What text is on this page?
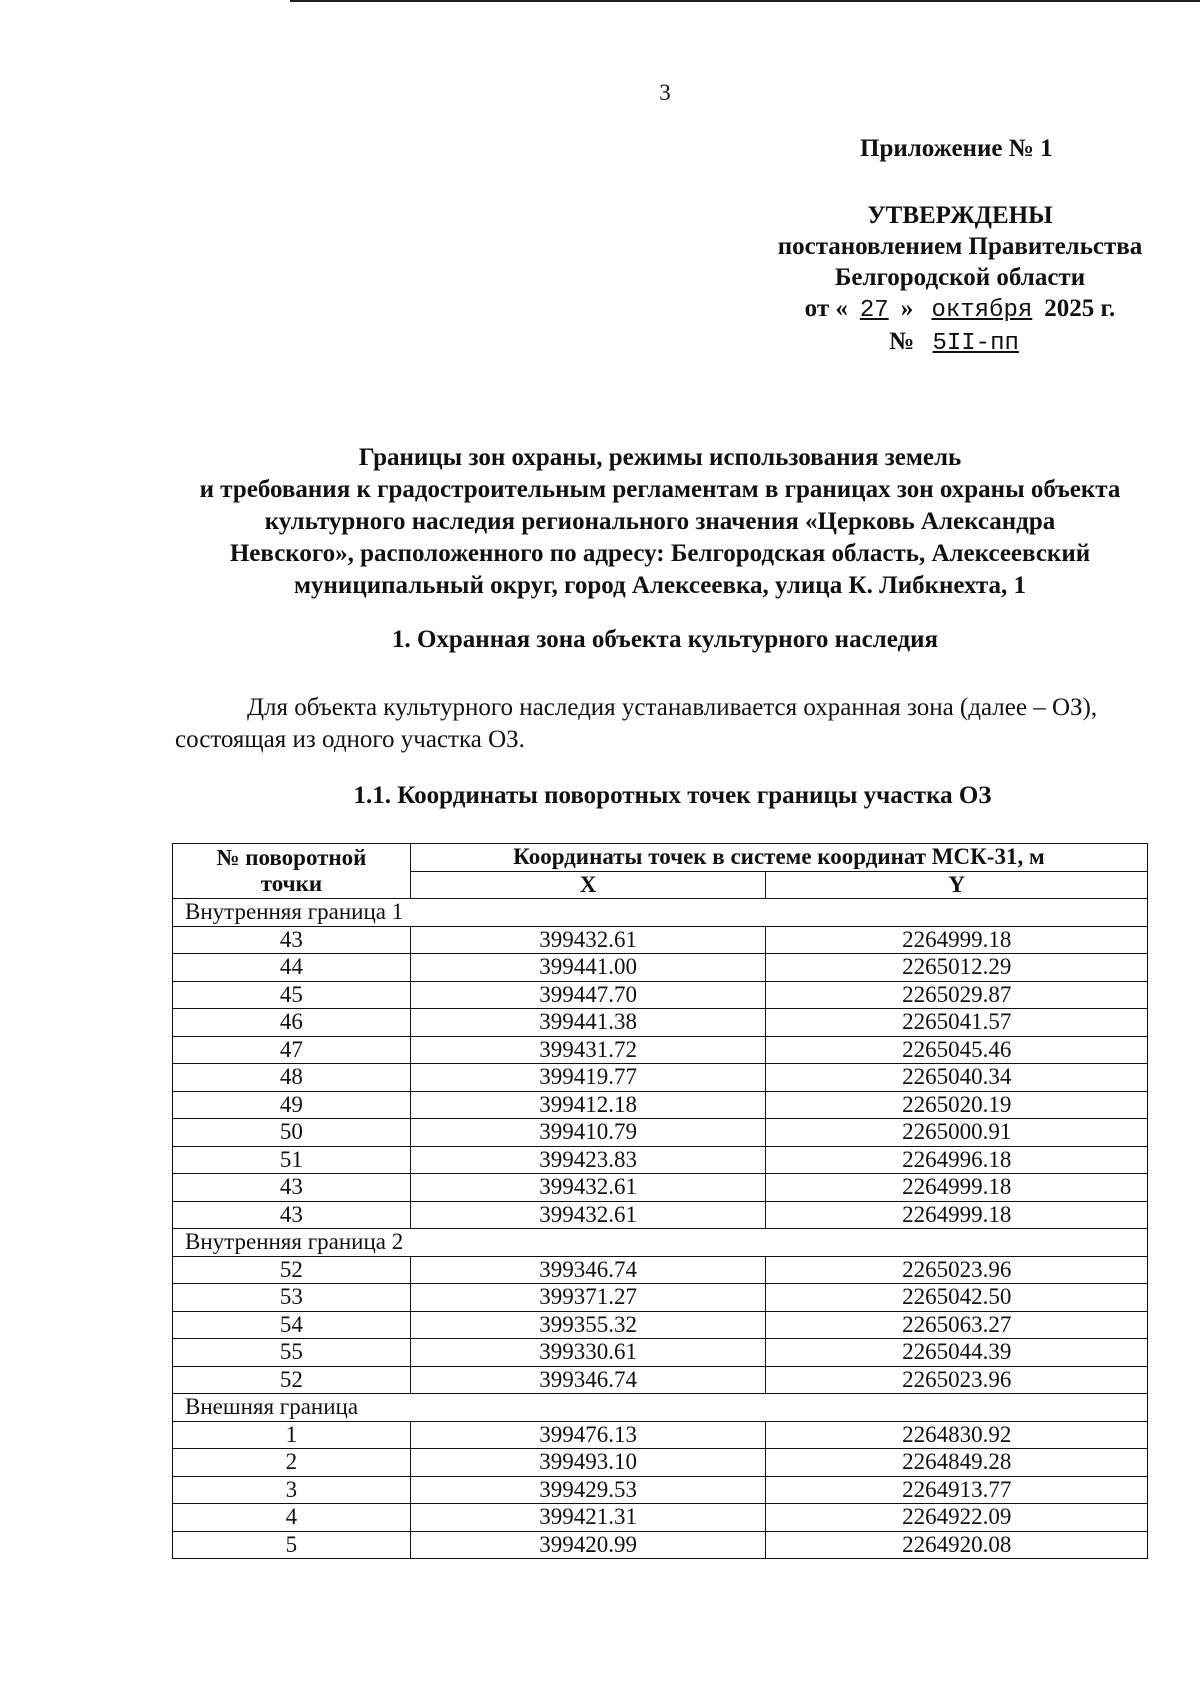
3
Приложение № 1
УТВЕРЖДЕНЫ
постановлением Правительства
Белгородской области
от « 27 » октября 2025 г.
№ 5II-пп
Границы зон охраны, режимы использования земель
и требования к градостроительным регламентам в границах зон охраны объекта
культурного наследия регионального значения «Церковь Александра
Невского», расположенного по адресу: Белгородская область, Алексеевский
муниципальный округ, город Алексеевка, улица К. Либкнехта, 1
1. Охранная зона объекта культурного наследия
Для объекта культурного наследия устанавливается охранная зона (далее – ОЗ),
состоящая из одного участка ОЗ.
1.1. Координаты поворотных точек границы участка ОЗ
№ поворотной
точки	Координаты точек в системе координат МСК-31, м	
	X	Y
Внутренняя граница 1		
43	399432.61	2264999.18
44	399441.00	2265012.29
45	399447.70	2265029.87
46	399441.38	2265041.57
47	399431.72	2265045.46
48	399419.77	2265040.34
49	399412.18	2265020.19
50	399410.79	2265000.91
51	399423.83	2264996.18
43	399432.61	2264999.18
43	399432.61	2264999.18
Внутренняя граница 2		
52	399346.74	2265023.96
53	399371.27	2265042.50
54	399355.32	2265063.27
55	399330.61	2265044.39
52	399346.74	2265023.96
Внешняя граница		
1	399476.13	2264830.92
2	399493.10	2264849.28
3	399429.53	2264913.77
4	399421.31	2264922.09
5	399420.99	2264920.08
